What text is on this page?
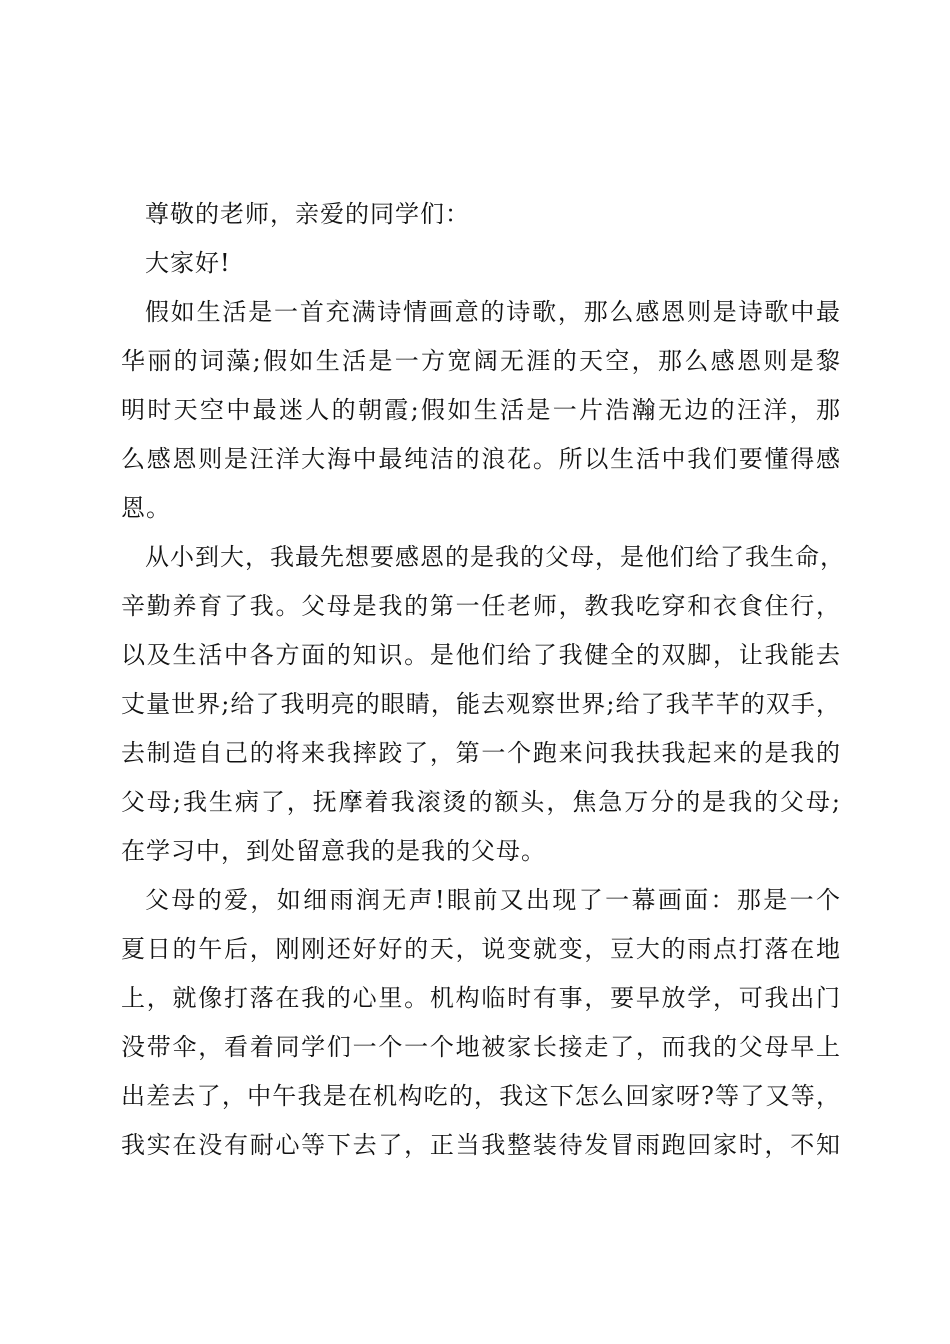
尊敬的老师，亲爱的同学们：
大家好!
假如生活是一首充满诗情画意的诗歌，那么感恩则是诗歌中最
华丽的词藻;假如生活是一方宽阔无涯的天空，那么感恩则是黎
明时天空中最迷人的朝霞;假如生活是一片浩瀚无边的汪洋，那
么感恩则是汪洋大海中最纯洁的浪花。所以生活中我们要懂得感
恩。
从小到大，我最先想要感恩的是我的父母，是他们给了我生命，
辛勤养育了我。父母是我的第一任老师，教我吃穿和衣食住行，
以及生活中各方面的知识。是他们给了我健全的双脚，让我能去
丈量世界;给了我明亮的眼睛，能去观察世界;给了我芊芊的双手，
去制造自己的将来我摔跤了，第一个跑来问我扶我起来的是我的
父母;我生病了，抚摩着我滚烫的额头，焦急万分的是我的父母;
在学习中，到处留意我的是我的父母。
父母的爱，如细雨润无声!眼前又出现了一幕画面：那是一个
夏日的午后，刚刚还好好的天，说变就变，豆大的雨点打落在地
上，就像打落在我的心里。机构临时有事，要早放学，可我出门
没带伞，看着同学们一个一个地被家长接走了，而我的父母早上
出差去了，中午我是在机构吃的，我这下怎么回家呀?等了又等，
我实在没有耐心等下去了，正当我整装待发冒雨跑回家时，不知
